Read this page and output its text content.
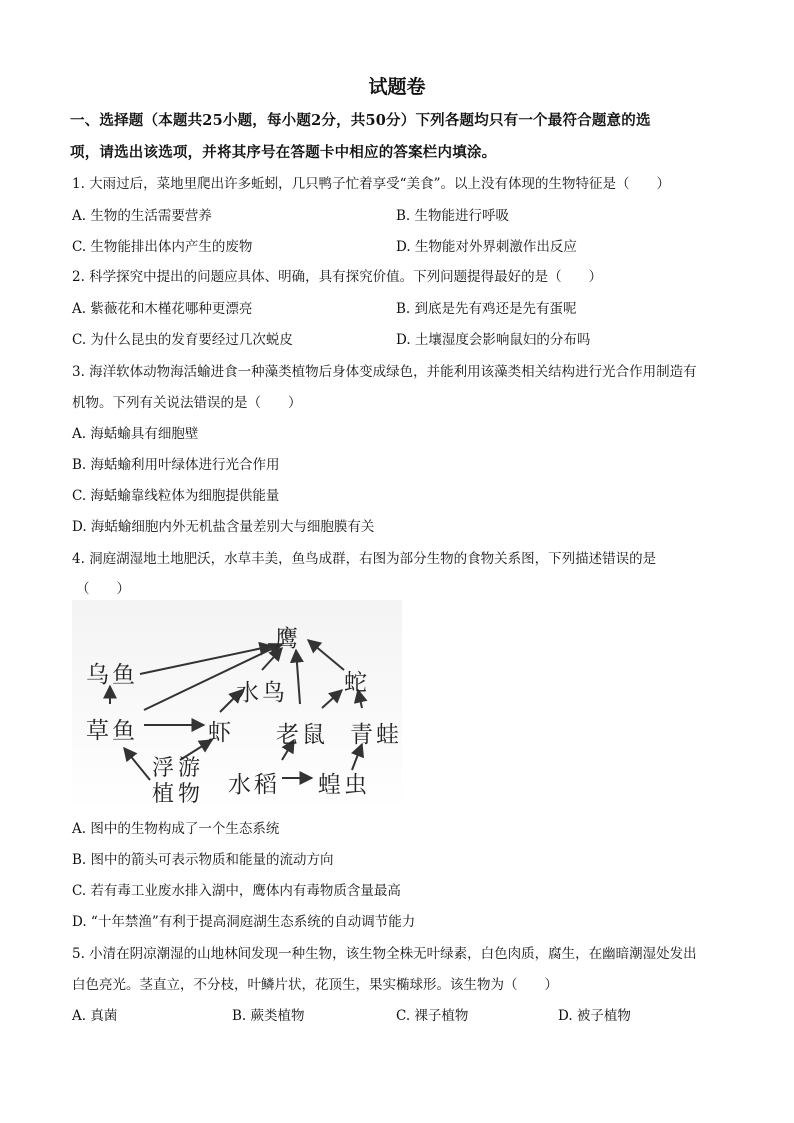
试题卷
一、选择题（本题共25小题，每小题2分，共50分）下列各题均只有一个最符合题意的选
项，请选出该选项，并将其序号在答题卡中相应的答案栏内填涂。
1. 大雨过后，菜地里爬出许多蚯蚓，几只鸭子忙着享受“美食”。以上没有体现的生物特征是（　　）
A. 生物的生活需要营养	B. 生物能进行呼吸
C. 生物能排出体内产生的废物	D. 生物能对外界刺激作出反应
2. 科学探究中提出的问题应具体、明确，具有探究价值。下列问题提得最好的是（　　）
A. 紫薇花和木槿花哪种更漂亮	B. 到底是先有鸡还是先有蛋呢
C. 为什么昆虫的发育要经过几次蜕皮	D. 土壤湿度会影响鼠妇的分布吗
3. 海洋软体动物海活蝓进食一种藻类植物后身体变成绿色，并能利用该藻类相关结构进行光合作用制造有
机物。下列有关说法错误的是（　　）
A. 海蛞蝓具有细胞壁
B. 海蛞蝓利用叶绿体进行光合作用
C. 海蛞蝓靠线粒体为细胞提供能量
D. 海蛞蝓细胞内外无机盐含量差别大与细胞膜有关
4. 洞庭湖湿地土地肥沃，水草丰美，鱼鸟成群，右图为部分生物的食物关系图，下列描述错误的是
（　　）
鹰
乌鱼
水鸟 蛇
草鱼	虾 老鼠 青蛙
浮游
植物 水稻 蝗虫
A. 图中的生物构成了一个生态系统
B. 图中的箭头可表示物质和能量的流动方向
C. 若有毒工业废水排入湖中，鹰体内有毒物质含量最高
D. “十年禁渔”有利于提高洞庭湖生态系统的自动调节能力
5. 小清在阴凉潮湿的山地林间发现一种生物，该生物全株无叶绿素，白色肉质，腐生，在幽暗潮湿处发出
白色亮光。茎直立，不分枝，叶鳞片状，花顶生，果实椭球形。该生物为（　　）
A. 真菌	B. 蕨类植物	C. 裸子植物	D. 被子植物
